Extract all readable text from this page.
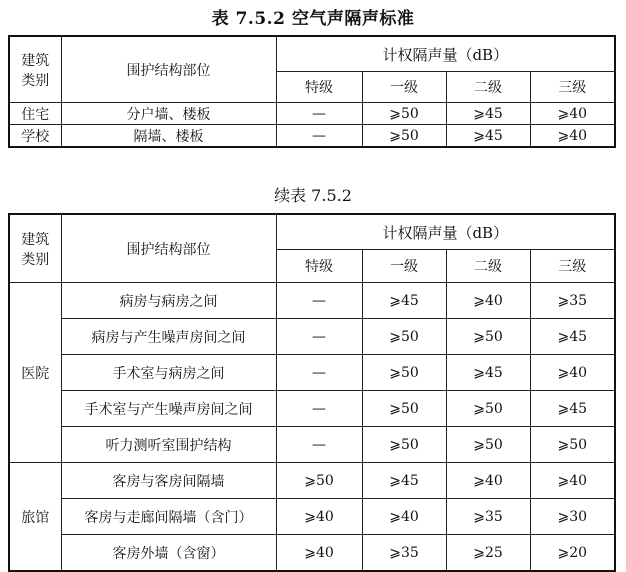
表 7.5.2 空气声隔声标准
建筑
类别	围护结构部位	计权隔声量（dB）			
		特级	一级	二级	三级
住宅	分户墙、楼板	—	⩾50	⩾45	⩾40
学校	隔墙、楼板	—	⩾50	⩾45	⩾40
续表 7.5.2
建筑
类别	围护结构部位	计权隔声量（dB）			
		特级	一级	二级	三级
医院	病房与病房之间	—	⩾45	⩾40	⩾35
	病房与产生噪声房间之间	—	⩾50	⩾50	⩾45
	手术室与病房之间	—	⩾50	⩾45	⩾40
	手术室与产生噪声房间之间	—	⩾50	⩾50	⩾45
	听力测听室围护结构	—	⩾50	⩾50	⩾50
旅馆	客房与客房间隔墙	⩾50	⩾45	⩾40	⩾40
	客房与走廊间隔墙（含门）	⩾40	⩾40	⩾35	⩾30
	客房外墙（含窗）	⩾40	⩾35	⩾25	⩾20
